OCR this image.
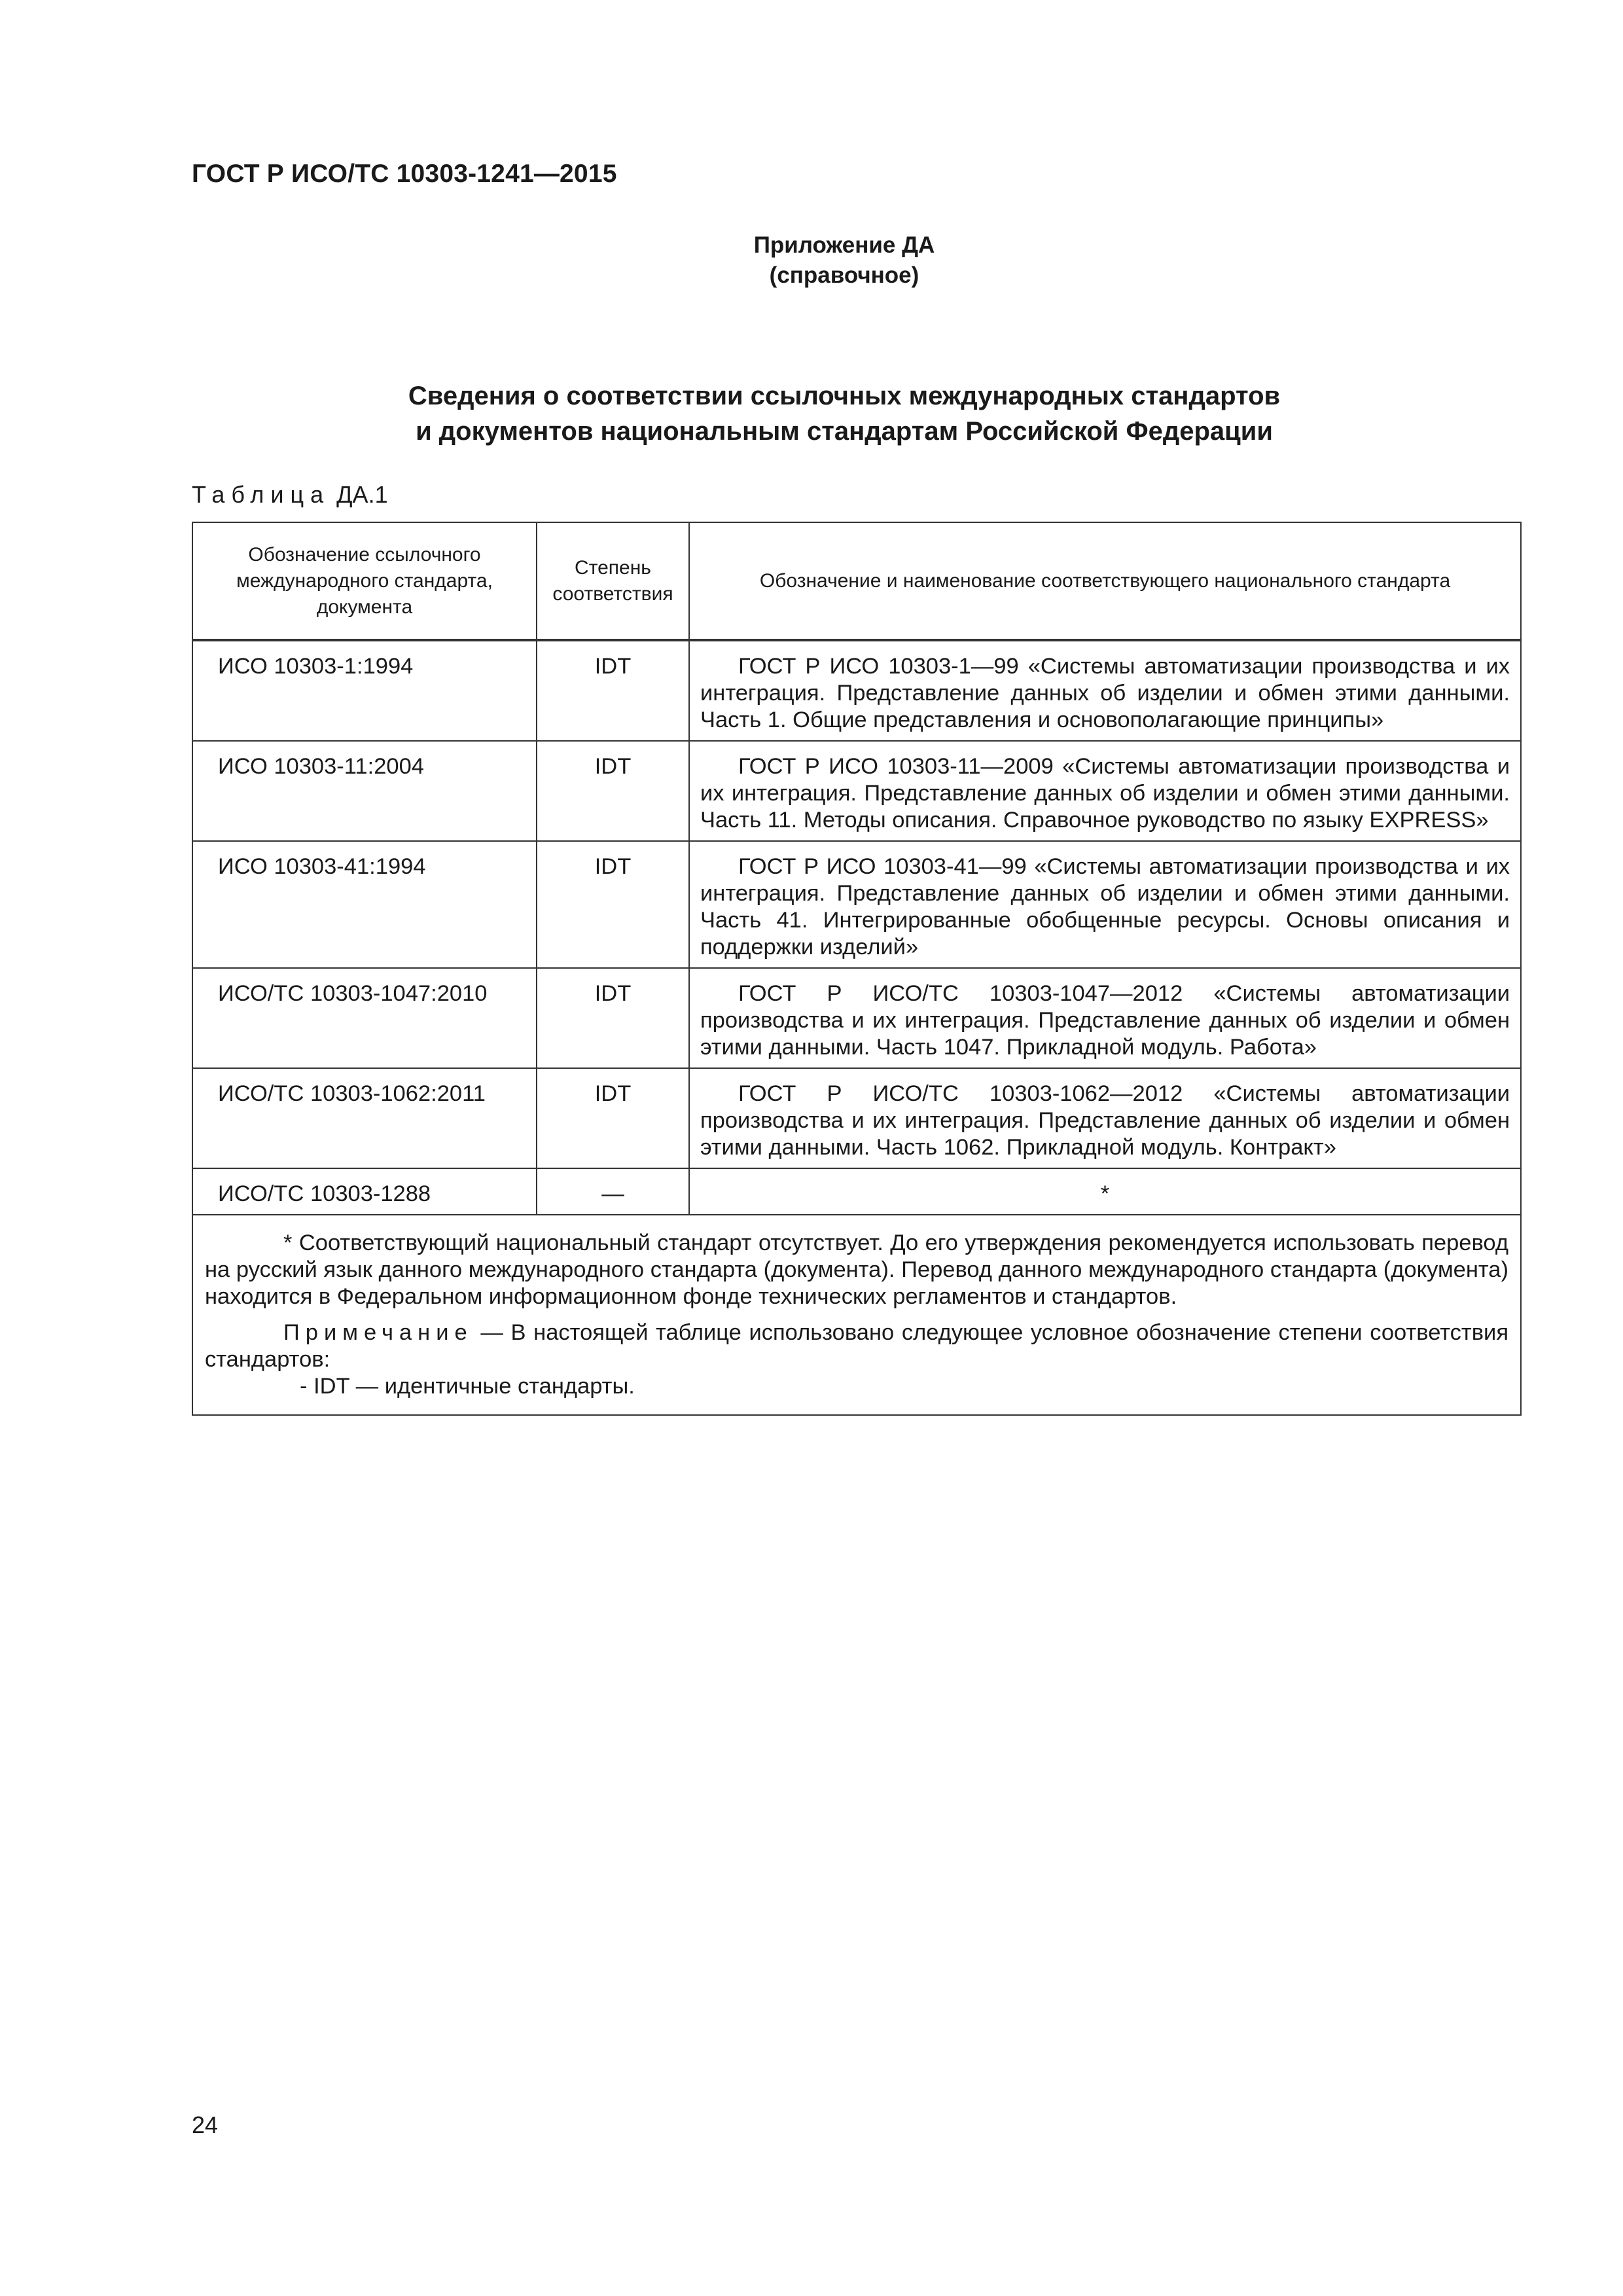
ГОСТ Р ИСО/ТС 10303-1241—2015
Приложение ДА
(справочное)
Сведения о соответствии ссылочных международных стандартов
и документов национальным стандартам Российской Федерации
Таблица ДА.1
Обозначение ссылочного международного стандарта, документа	Степень соответствия	Обозначение и наименование соответствующего национального стандарта

ИСО 10303-1:1994	IDT	ГОСТ Р ИСО 10303-1—99 «Системы автоматизации производства и их интеграция. Представление данных об изделии и обмен этими данными. Часть 1. Общие представления и основополагающие принципы»

ИСО 10303-11:2004	IDT	ГОСТ Р ИСО 10303-11—2009 «Системы автоматизации производства и их интеграция. Представление данных об изделии и обмен этими данными. Часть 11. Методы описания. Справочное руководство по языку EXPRESS»

ИСО 10303-41:1994	IDT	ГОСТ Р ИСО 10303-41—99 «Системы автоматизации производства и их интеграция. Представление данных об изделии и обмен этими данными. Часть 41. Интегрированные обобщенные ресурсы. Основы описания и поддержки изделий»

ИСО/ТС 10303-1047:2010	IDT	ГОСТ Р ИСО/ТС 10303-1047—2012 «Системы автоматизации производства и их интеграция. Представление данных об изделии и обмен этими данными. Часть 1047. Прикладной модуль. Работа»

ИСО/ТС 10303-1062:2011	IDT	ГОСТ Р ИСО/ТС 10303-1062—2012 «Системы автоматизации производства и их интеграция. Представление данных об изделии и обмен этими данными. Часть 1062. Прикладной модуль. Контракт»

ИСО/ТС 10303-1288	—	*

* Соответствующий национальный стандарт отсутствует. До его утверждения рекомендуется использовать перевод на русский язык данного международного стандарта (документа). Перевод данного международного стандарта (документа) находится в Федеральном информационном фонде технических регламентов и стандартов.

Примечание — В настоящей таблице использовано следующее условное обозначение степени соответствия стандартов:

- IDT — идентичные стандарты.		

24
